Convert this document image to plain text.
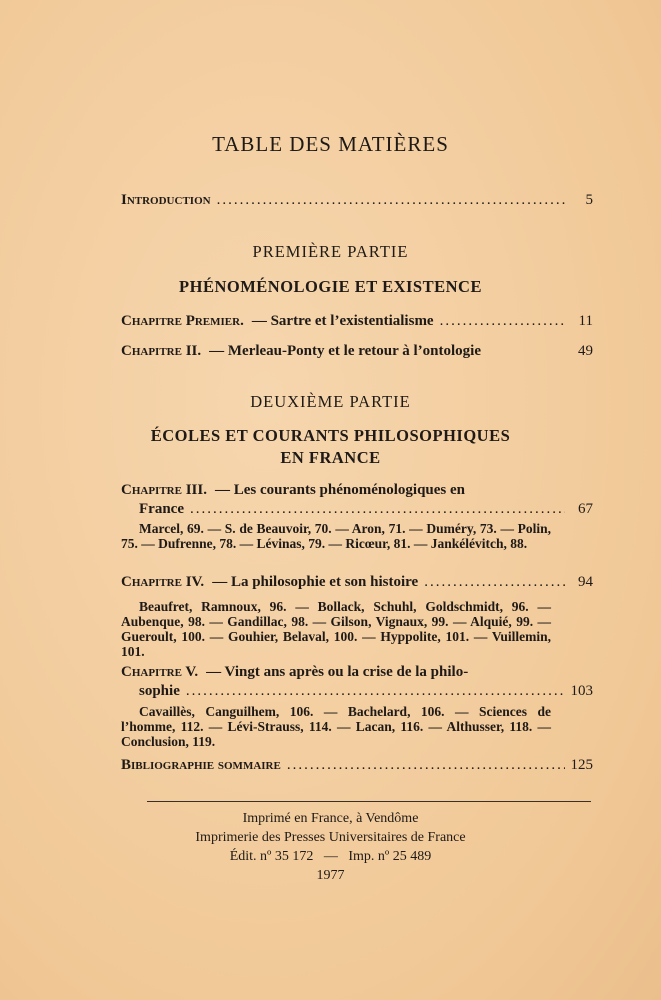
TABLE DES MATIÈRES
Introduction .....	5
PREMIÈRE PARTIE
PHÉNOMÉNOLOGIE ET EXISTENCE
Chapitre Premier. — Sartre et l’existentialisme .....	11
Chapitre II. — Merleau-Ponty et le retour à l’ontologie	49
DEUXIÈME PARTIE
ÉCOLES ET COURANTS PHILOSOPHIQUES
EN FRANCE
Chapitre III. — Les courants phénoménologiques en
France .....	67
Marcel, 69. — S. de Beauvoir, 70. — Aron, 71. — Duméry, 73. — Polin, 75. — Dufrenne, 78. — Lévinas, 79. — Ricœur, 81. — Jankélévitch, 88.
Chapitre IV. — La philosophie et son histoire .....	94
Beaufret, Ramnoux, 96. — Bollack, Schuhl, Goldschmidt, 96. — Aubenque, 98. — Gandillac, 98. — Gilson, Vignaux, 99. — Alquié, 99. — Gueroult, 100. — Gouhier, Belaval, 100. — Hyppolite, 101. — Vuillemin, 101.
Chapitre V. — Vingt ans après ou la crise de la philo-
sophie .....	103
Cavaillès, Canguilhem, 106. — Bachelard, 106. — Sciences de l’homme, 112. — Lévi-Strauss, 114. — Lacan, 116. — Althusser, 118. — Conclusion, 119.
Bibliographie sommaire .....	125
Imprimé en France, à Vendôme
Imprimerie des Presses Universitaires de France
Édit. nº 35 172   —   Imp. nº 25 489
1977
